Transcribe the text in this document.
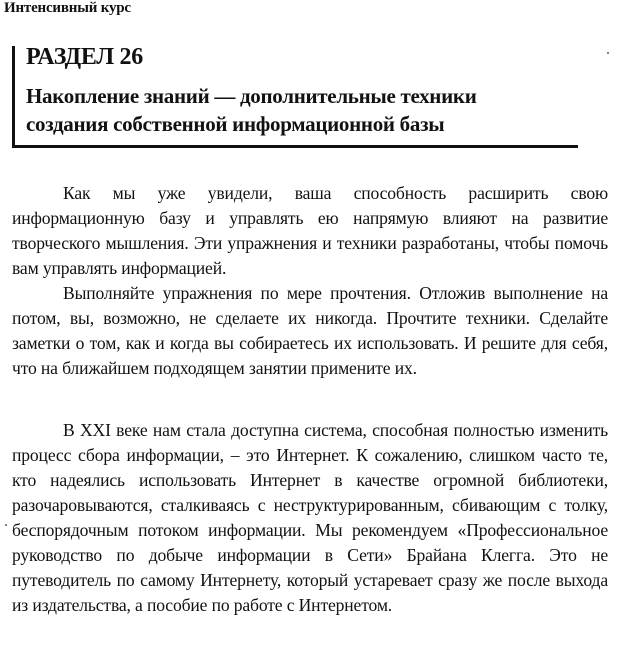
Интенсивный курс
РАЗДЕЛ 26
Накопление знаний — дополнительные техники
создания собственной информационной базы
Как мы уже увидели, ваша способность расширить свою информационную базу и управлять ею напрямую влияют на развитие творческого мышления. Эти упражнения и техники разработаны, чтобы помочь вам управлять информацией.
Выполняйте упражнения по мере прочтения. Отложив выполнение на потом, вы, возможно, не сделаете их никогда. Прочтите техники. Сделайте заметки о том, как и когда вы собираетесь их использовать. И решите для себя, что на ближайшем подходящем занятии примените их.
В XXI веке нам стала доступна система, способная полностью изменить процесс сбора информации, – это Интернет. К сожалению, слишком часто те, кто надеялись использовать Интернет в качестве огромной библиотеки, разочаровываются, сталкиваясь с неструктурированным, сбивающим с толку, беспорядочным потоком информации. Мы рекомендуем «Профессиональное руководство по добыче информации в Сети» Брайана Клегга. Это не путеводитель по самому Интернету, который устаревает сразу же после выхода из издательства, а пособие по работе с Интернетом.
